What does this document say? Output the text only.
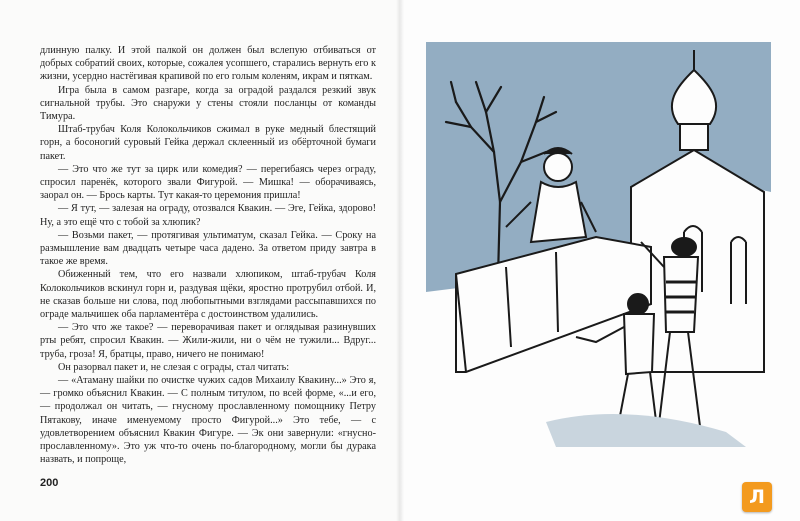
длинную палку. И этой палкой он должен был вслепую отбиваться от добрых собратий своих, которые, сожалея усопшего, старались вернуть его к жизни, усердно настёгивая крапивой по его голым коленям, икрам и пяткам.

Игра была в самом разгаре, когда за оградой раздался резкий звук сигнальной трубы. Это снаружи у стены стояли посланцы от команды Тимура.

Штаб-трубач Коля Колокольчиков сжимал в руке медный блестящий горн, а босоногий суровый Гейка держал склеенный из обёрточной бумаги пакет.

— Это что же тут за цирк или комедия? — перегибаясь через ограду, спросил паренёк, которого звали Фигурой. — Мишка! — оборачиваясь, заорал он. — Брось карты. Тут какая-то церемония пришла!

— Я тут, — залезая на ограду, отозвался Квакин. — Эге, Гейка, здорово! Ну, а это ещё что с тобой за хлюпик?

— Возьми пакет, — протягивая ультиматум, сказал Гейка. — Сроку на размышление вам двадцать четыре часа дадено. За ответом приду завтра в такое же время.

Обиженный тем, что его назвали хлюпиком, штаб-трубач Коля Колокольчиков вскинул горн и, раздувая щёки, яростно протрубил отбой. И, не сказав больше ни слова, под любопытными взглядами рассыпавшихся по ограде мальчишек оба парламентёра с достоинством удалились.

— Это что же такое? — переворачивая пакет и оглядывая разинувших рты ребят, спросил Квакин. — Жили-жили, ни о чём не тужили... Вдруг... труба, гроза! Я, братцы, право, ничего не понимаю!

Он разорвал пакет и, не слезая с ограды, стал читать:

— «Атаману шайки по очистке чужих садов Михаилу Квакину...» Это я, — громко объяснил Квакин. — С полным титулом, по всей форме, «...и его, — продолжал он читать, — гнусному прославленному помощнику Петру Пятакову, иначе именуемому просто Фигурой...» Это тебе, — с удовлетворением объяснил Квакин Фигуре. — Эк они завернули: «гнуснопрославленному». Это уж что-то очень по-благородному, могли бы дурака назвать, и попроще,

200
Л
